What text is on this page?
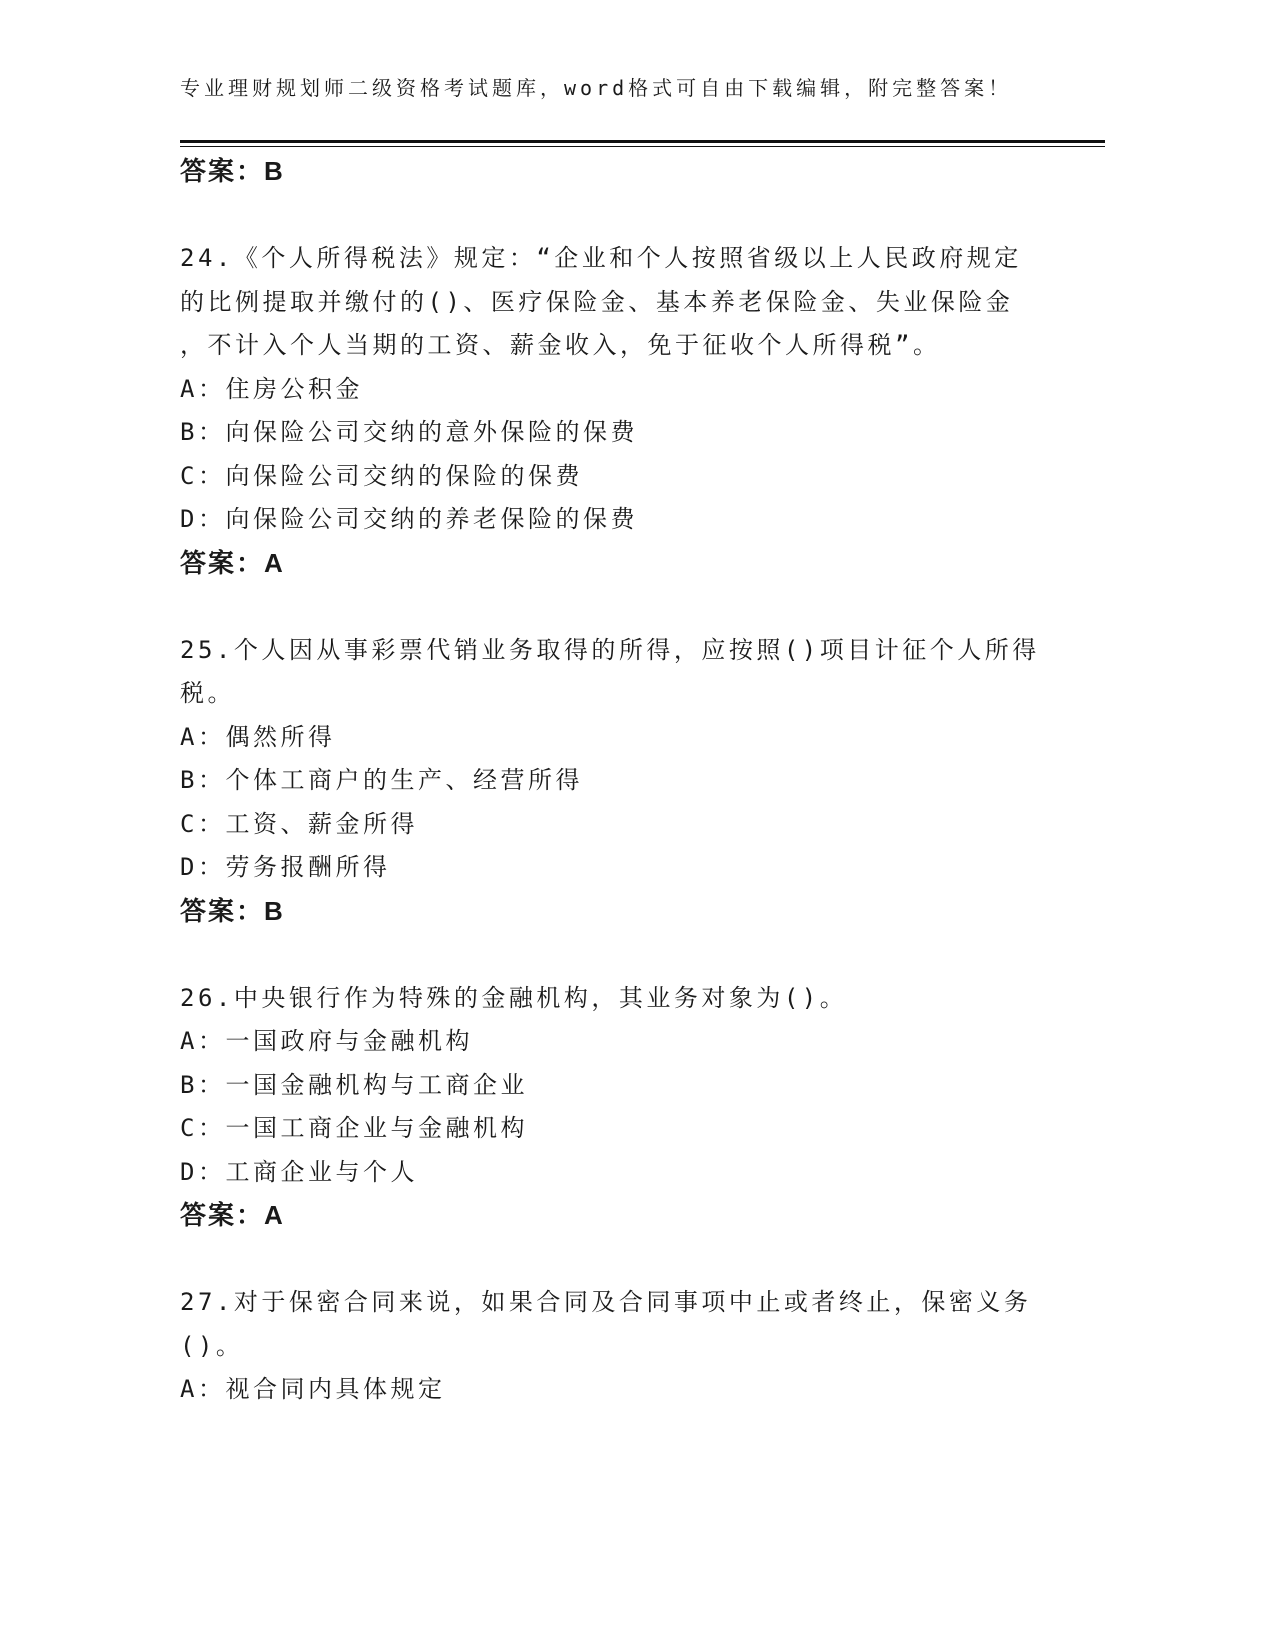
专业理财规划师二级资格考试题库，word格式可自由下载编辑，附完整答案！
答案：B
24.《个人所得税法》规定：“企业和个人按照省级以上人民政府规定
的比例提取并缴付的()、医疗保险金、基本养老保险金、失业保险金
，不计入个人当期的工资、薪金收入，免于征收个人所得税”。
A：住房公积金
B：向保险公司交纳的意外保险的保费
C：向保险公司交纳的保险的保费
D：向保险公司交纳的养老保险的保费
答案：A
25.个人因从事彩票代销业务取得的所得，应按照()项目计征个人所得
税。
A：偶然所得
B：个体工商户的生产、经营所得
C：工资、薪金所得
D：劳务报酬所得
答案：B
26.中央银行作为特殊的金融机构，其业务对象为()。
A：一国政府与金融机构
B：一国金融机构与工商企业
C：一国工商企业与金融机构
D：工商企业与个人
答案：A
27.对于保密合同来说，如果合同及合同事项中止或者终止，保密义务
()。
A：视合同内具体规定
